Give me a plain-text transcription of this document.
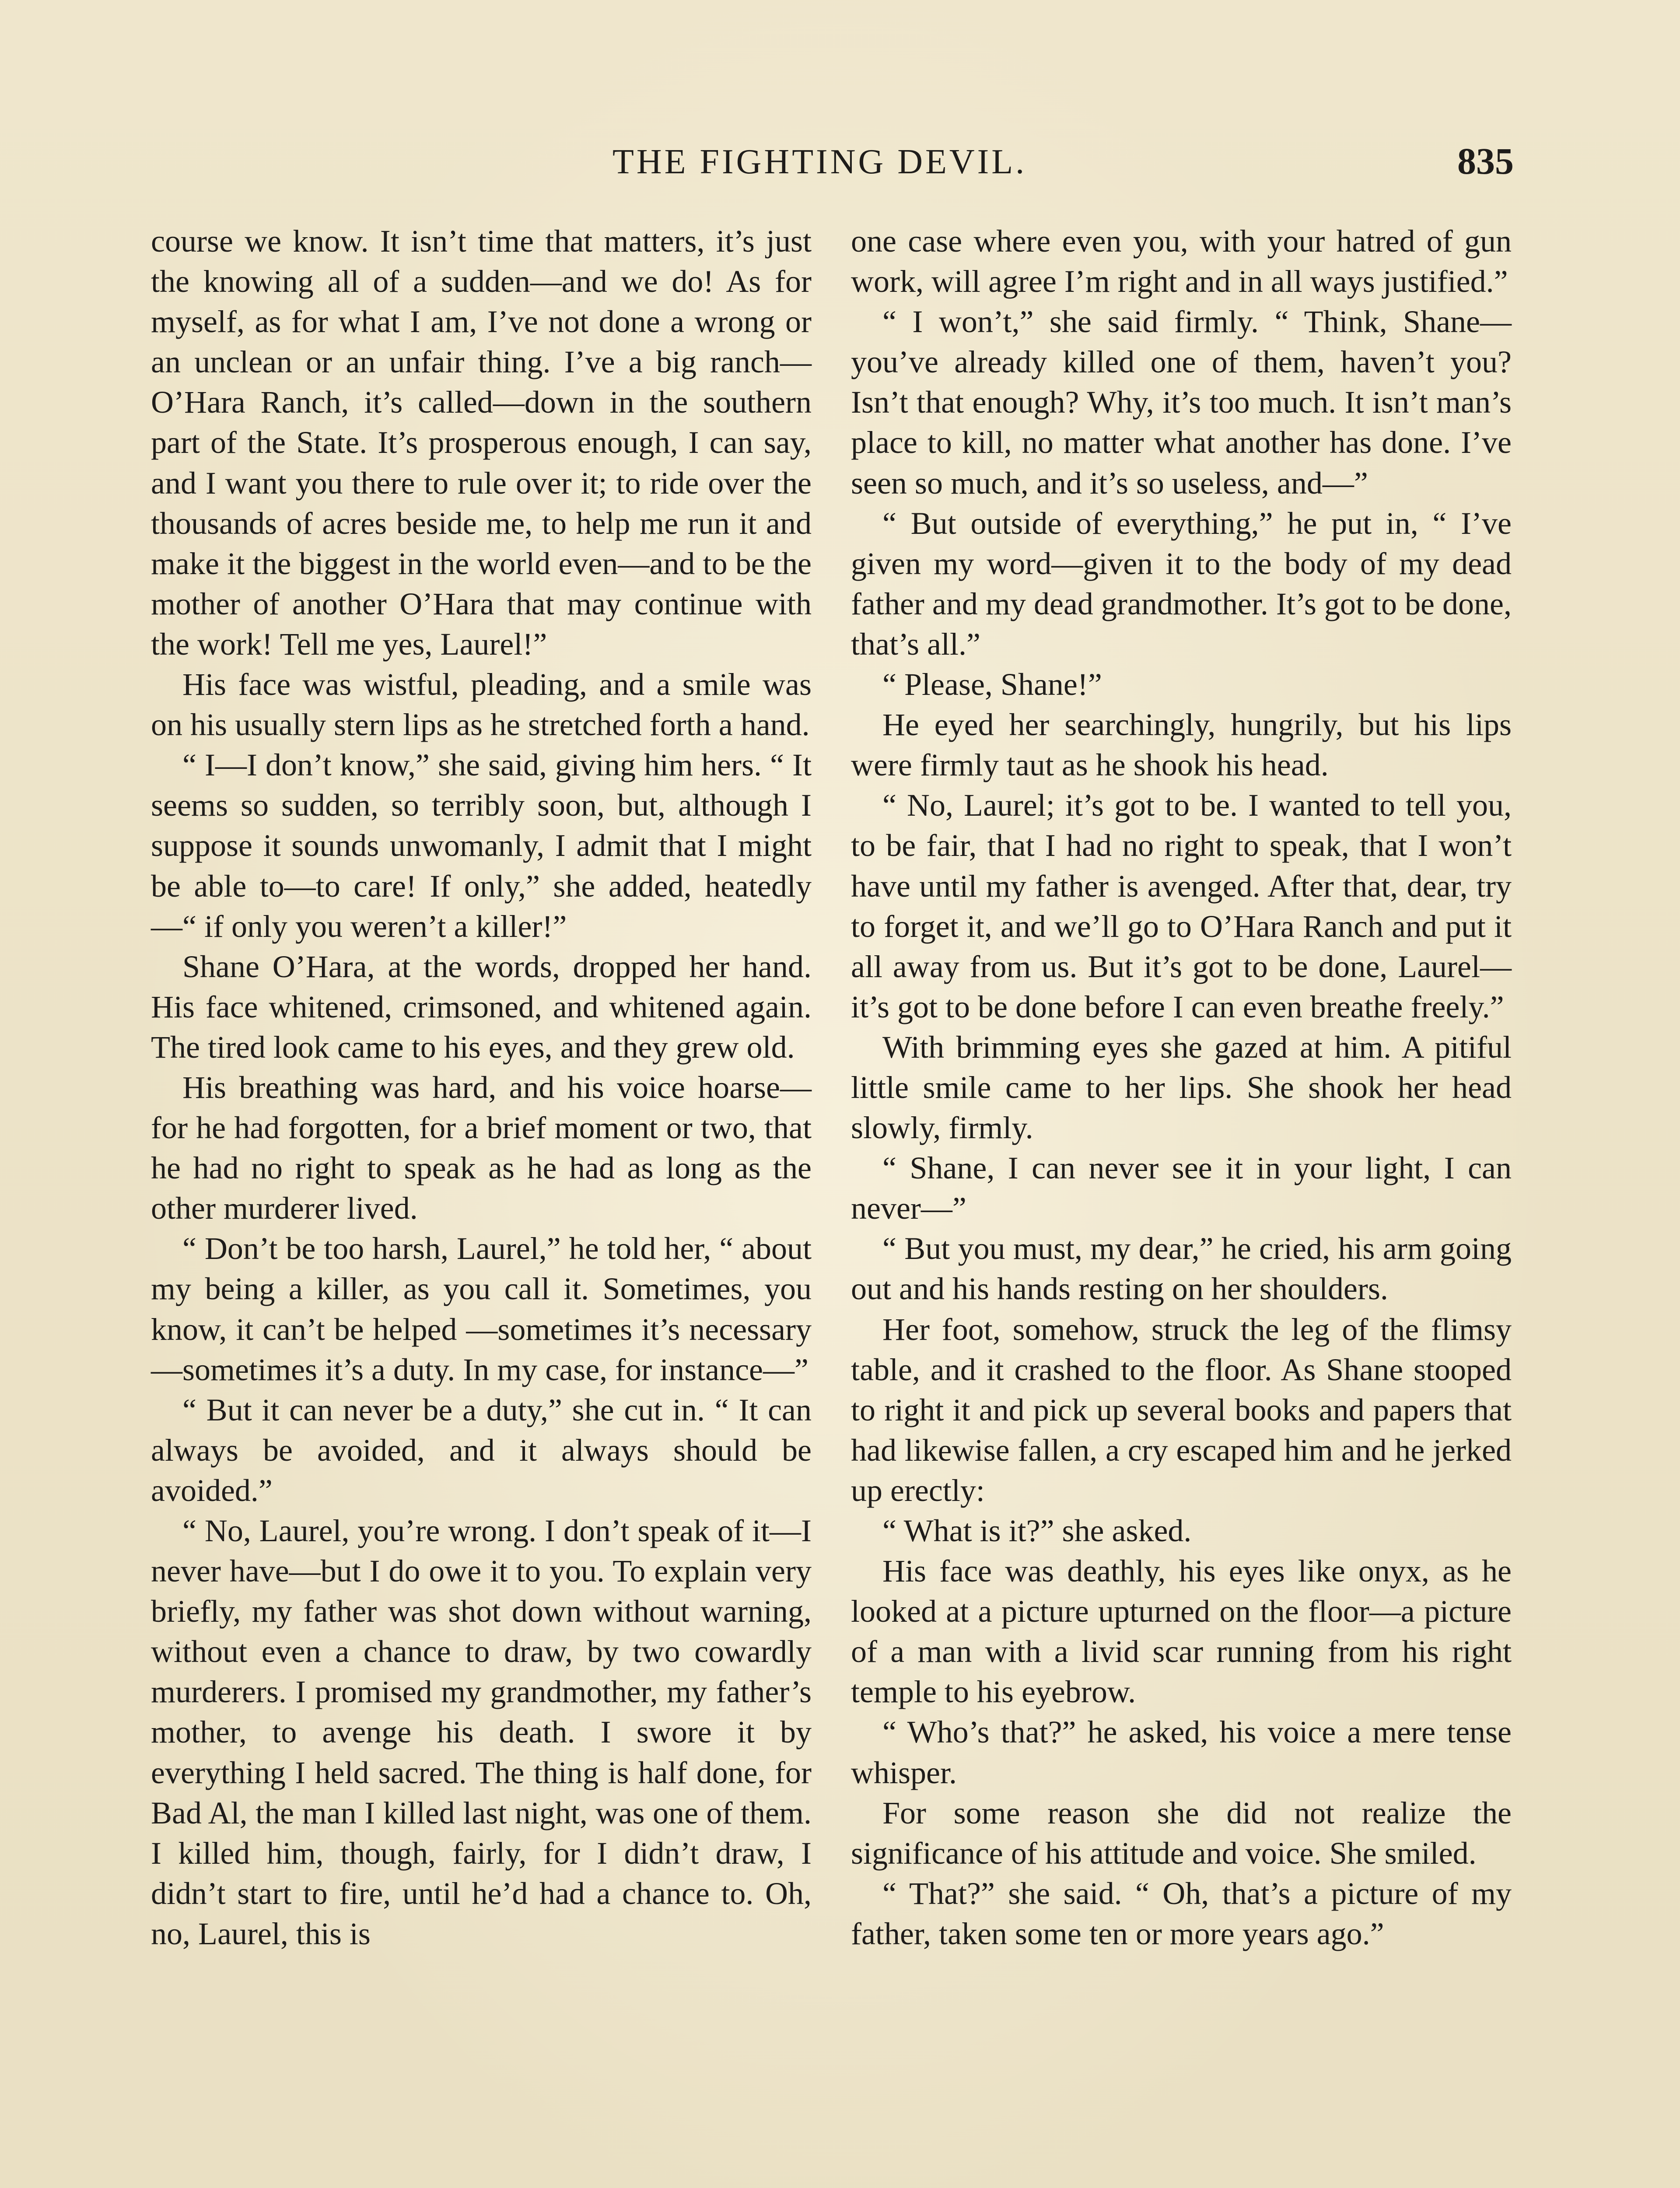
THE FIGHTING DEVIL.	835

course we know. It isn’t time that matters, it’s just the knowing all of a sudden—and we do! As for myself, as for what I am, I’ve not done a wrong or an unclean or an unfair thing. I’ve a big ranch—O’Hara Ranch, it’s called—down in the southern part of the State. It’s prosperous enough, I can say, and I want you there to rule over it; to ride over the thousands of acres beside me, to help me run it and make it the biggest in the world even—and to be the mother of another O’Hara that may continue with the work! Tell me yes, Laurel!”

His face was wistful, pleading, and a smile was on his usually stern lips as he stretched forth a hand.

“ I—I don’t know,” she said, giving him hers. “ It seems so sudden, so terribly soon, but, although I suppose it sounds unwomanly, I admit that I might be able to—to care! If only,” she added, heatedly —“ if only you weren’t a killer!”

Shane O’Hara, at the words, dropped her hand. His face whitened, crimsoned, and whitened again. The tired look came to his eyes, and they grew old.

His breathing was hard, and his voice hoarse—for he had forgotten, for a brief moment or two, that he had no right to speak as he had as long as the other murderer lived.

“ Don’t be too harsh, Laurel,” he told her, “ about my being a killer, as you call it. Sometimes, you know, it can’t be helped —sometimes it’s necessary—sometimes it’s a duty. In my case, for instance—”

“ But it can never be a duty,” she cut in. “ It can always be avoided, and it always should be avoided.”

“ No, Laurel, you’re wrong. I don’t speak of it—I never have—but I do owe it to you. To explain very briefly, my father was shot down without warning, without even a chance to draw, by two cowardly murderers. I promised my grandmother, my father’s mother, to avenge his death. I swore it by everything I held sacred. The thing is half done, for Bad Al, the man I killed last night, was one of them. I killed him, though, fairly, for I didn’t draw, I didn’t start to fire, until he’d had a chance to. Oh, no, Laurel, this is

one case where even you, with your hatred of gun work, will agree I’m right and in all ways justified.”

“ I won’t,” she said firmly. “ Think, Shane—you’ve already killed one of them, haven’t you? Isn’t that enough? Why, it’s too much. It isn’t man’s place to kill, no matter what another has done. I’ve seen so much, and it’s so useless, and—”

“ But outside of everything,” he put in, “ I’ve given my word—given it to the body of my dead father and my dead grandmother. It’s got to be done, that’s all.”

“ Please, Shane!”

He eyed her searchingly, hungrily, but his lips were firmly taut as he shook his head.

“ No, Laurel; it’s got to be. I wanted to tell you, to be fair, that I had no right to speak, that I won’t have until my father is avenged. After that, dear, try to forget it, and we’ll go to O’Hara Ranch and put it all away from us. But it’s got to be done, Laurel—it’s got to be done before I can even breathe freely.”

With brimming eyes she gazed at him. A pitiful little smile came to her lips. She shook her head slowly, firmly.

“ Shane, I can never see it in your light, I can never—”

“ But you must, my dear,” he cried, his arm going out and his hands resting on her shoulders.

Her foot, somehow, struck the leg of the flimsy table, and it crashed to the floor. As Shane stooped to right it and pick up several books and papers that had likewise fallen, a cry escaped him and he jerked up erectly:

“ What is it?” she asked.

His face was deathly, his eyes like onyx, as he looked at a picture upturned on the floor—a picture of a man with a livid scar running from his right temple to his eyebrow.

“ Who’s that?” he asked, his voice a mere tense whisper.

For some reason she did not realize the significance of his attitude and voice. She smiled.

“ That?” she said. “ Oh, that’s a picture of my father, taken some ten or more years ago.”
